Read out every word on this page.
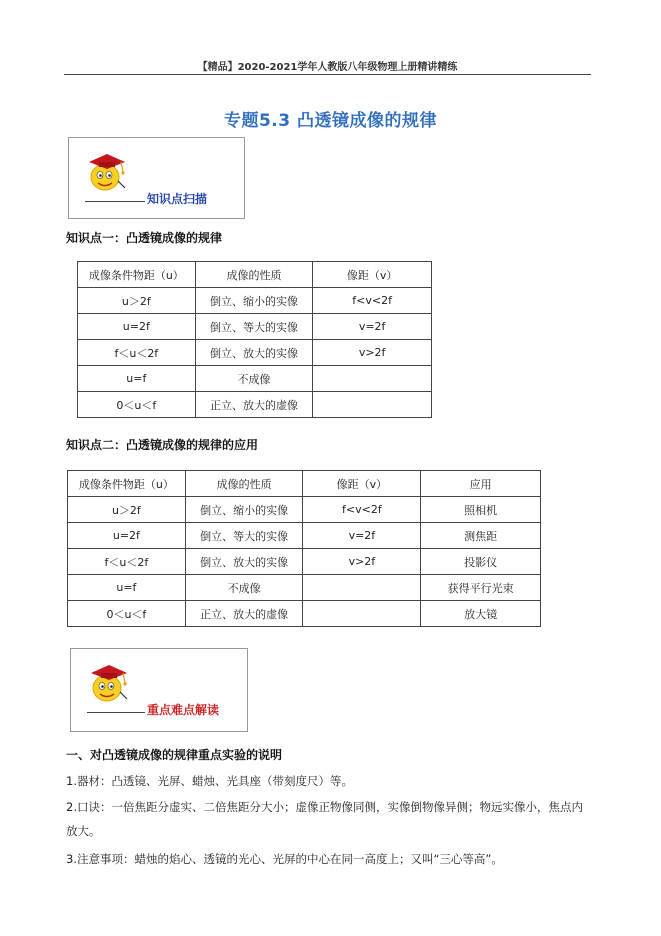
【精品】2020-2021学年人教版八年级物理上册精讲精练
专题5.3 凸透镜成像的规律
知识点扫描
知识点一：凸透镜成像的规律
成像条件物距（u）	成像的性质	像距（v）
u＞2f	倒立、缩小的实像	f<v<2f
u=2f	倒立、等大的实像	v=2f
f＜u＜2f	倒立、放大的实像	v>2f
u=f	不成像	
0＜u＜f	正立、放大的虚像	
知识点二：凸透镜成像的规律的应用
成像条件物距（u）	成像的性质	像距（v）	应用
u＞2f	倒立、缩小的实像	f<v<2f	照相机
u=2f	倒立、等大的实像	v=2f	测焦距
f＜u＜2f	倒立、放大的实像	v>2f	投影仪
u=f	不成像		获得平行光束
0＜u＜f	正立、放大的虚像		放大镜
重点难点解读
一、对凸透镜成像的规律重点实验的说明
1.器材：凸透镜、光屏、蜡烛、光具座（带刻度尺）等。
2.口诀：一倍焦距分虚实、二倍焦距分大小；虚像正物像同侧，实像倒物像异侧；物远实像小，焦点内
放大。
3.注意事项：蜡烛的焰心、透镜的光心、光屏的中心在同一高度上；又叫“三心等高”。
